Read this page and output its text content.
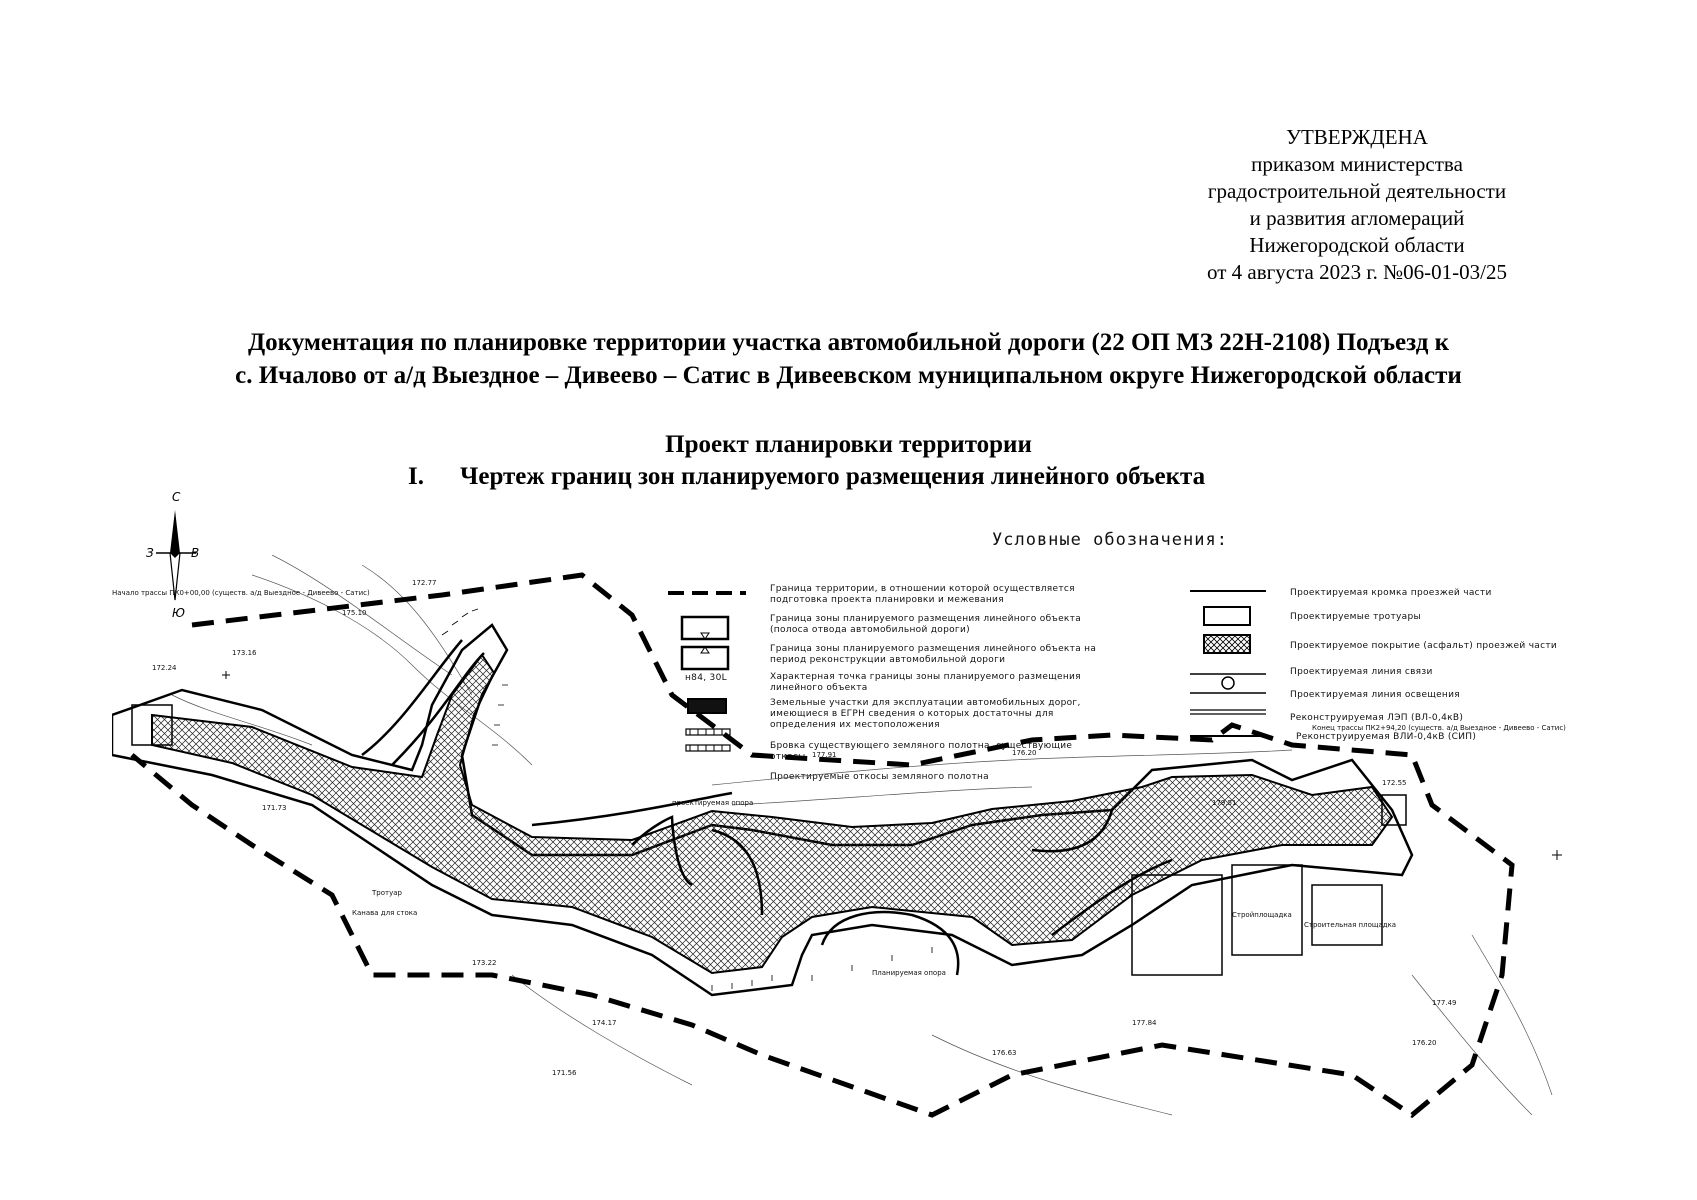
УТВЕРЖДЕНА
приказом министерства
градостроительной деятельности
и развития агломераций
Нижегородской области
от 4 августа 2023 г. №06-01-03/25
Документация по планировке территории участка автомобильной дороги (22 ОП МЗ 22Н-2108) Подъезд к
с. Ичалово от а/д Выездное – Дивеево – Сатис в Дивеевском муниципальном округе Нижегородской области
Проект планировки территории
I. Чертеж границ зон планируемого размещения линейного объекта
С
З	В
Ю
Условные обозначения:
н84, 30L
Граница территории, в отношении которой осуществляется подготовка проекта планировки и межевания
Граница зоны планируемого размещения линейного объекта (полоса отвода автомобильной дороги)
Граница зоны планируемого размещения линейного объекта на период реконструкции автомобильной дороги
Характерная точка границы зоны планируемого размещения линейного объекта
Земельные участки для эксплуатации автомобильных дорог, имеющиеся в ЕГРН сведения о которых достаточны для определения их местоположения
Бровка существующего земляного полотна, существующие откосы
Проектируемые откосы земляного полотна
Проектируемая кромка проезжей части
Проектируемые тротуары
Проектируемое покрытие (асфальт) проезжей части
Проектируемая линия связи
Проектируемая линия освещения
Реконструируемая ЛЭП (ВЛ-0,4кВ)
Реконструируемая ВЛИ-0,4кВ (СИП)
Начало трассы ПК0+00,00 (существ. а/д Выездное - Дивеево - Сатис)
Конец трассы ПК2+94,20 (существ. а/д Выездное - Дивеево - Сатис)
Стройплощадка
Строительная площадка
Тротуар
Канава для стока
проектируемая опора
Планируемая опора
172.24
173.16
175.10
172.77
171.73
177.91	176.20
179.51
172.55
177.49
176.20
174.17
173.22
171.56
176.63
177.84
